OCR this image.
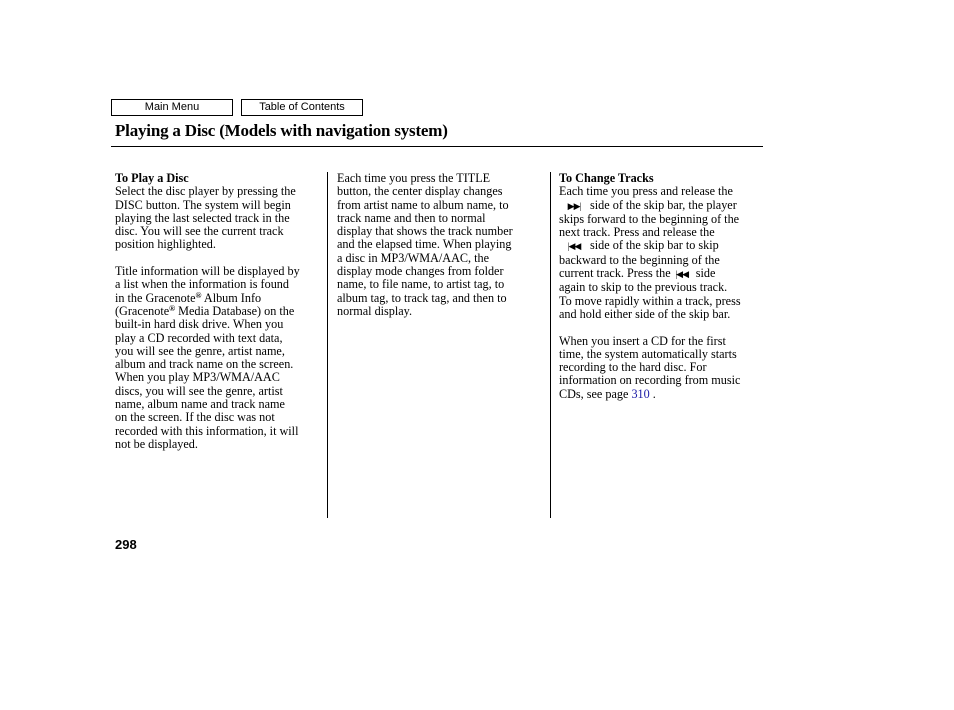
Main Menu	Table of Contents
Playing a Disc (Models with navigation system)

To Play a Disc
Select the disc player by pressing the
DISC button. The system will begin
playing the last selected track in the
disc. You will see the current track
position highlighted.

Title information will be displayed by
a list when the information is found
in the Gracenote® Album Info
(Gracenote® Media Database) on the
built-in hard disk drive. When you
play a CD recorded with text data,
you will see the genre, artist name,
album and track name on the screen.
When you play MP3/WMA/AAC
discs, you will see the genre, artist
name, album name and track name
on the screen. If the disc was not
recorded with this information, it will
not be displayed.

Each time you press the TITLE
button, the center display changes
from artist name to album name, to
track name and then to normal
display that shows the track number
and the elapsed time. When playing
a disc in MP3/WMA/AAC, the
display mode changes from folder
name, to file name, to artist tag, to
album tag, to track tag, and then to
normal display.

To Change Tracks
Each time you press and release the
▶▶| side of the skip bar, the player
skips forward to the beginning of the
next track. Press and release the
|◀◀ side of the skip bar to skip
backward to the beginning of the
current track. Press the |◀◀ side
again to skip to the previous track.
To move rapidly within a track, press
and hold either side of the skip bar.

When you insert a CD for the first
time, the system automatically starts
recording to the hard disc. For
information on recording from music
CDs, see page 310 .

298
